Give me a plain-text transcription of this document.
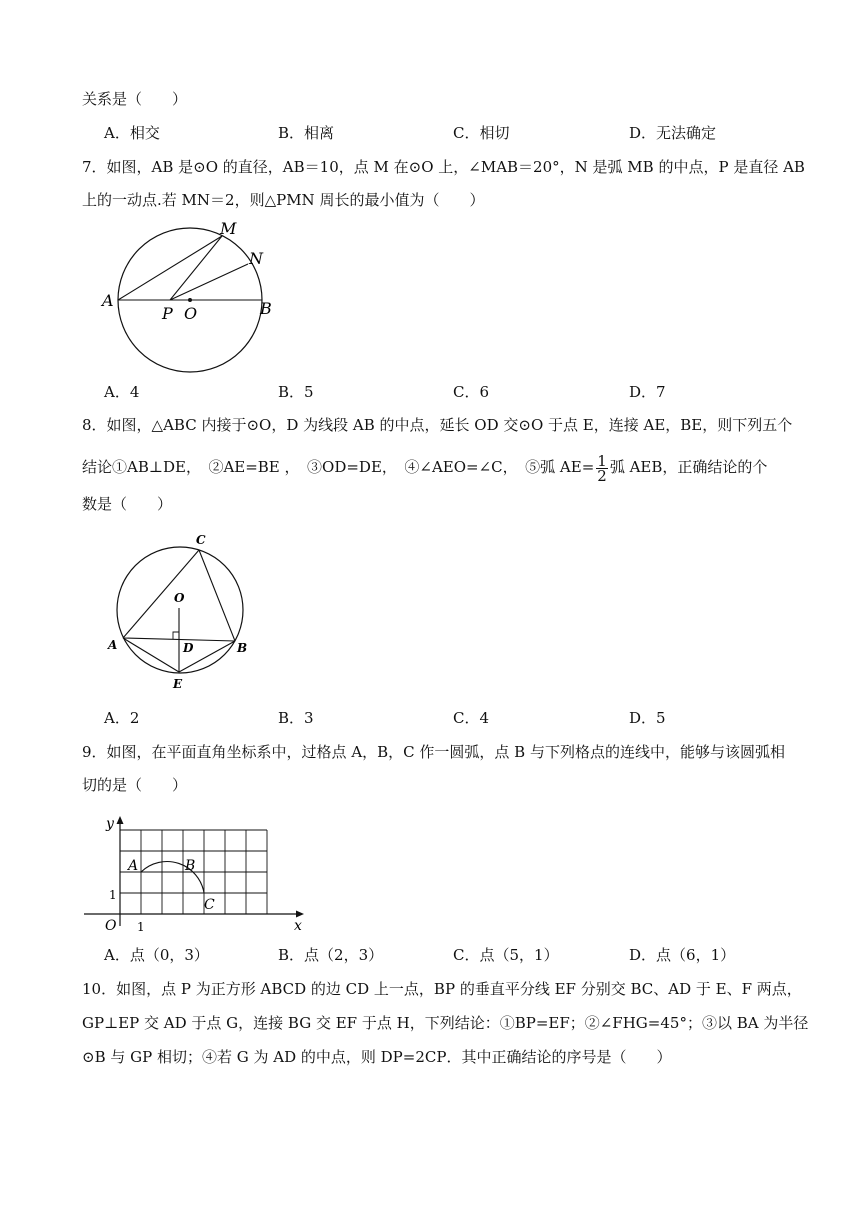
关系是（　　）
A．相交	B．相离	C．相切	D．无法确定
7．如图，AB 是⊙O 的直径，AB＝10，点 M 在⊙O 上，∠MAB＝20°，N 是弧 MB 的中点，P 是直径 AB
上的一动点.若 MN＝2，则△PMN 周长的最小值为（　　）
M
N
A	B
P O
A．4	B．5	C．6	D．7
8．如图，△ABC 内接于⊙O，D 为线段 AB 的中点，延长 OD 交⊙O 于点 E，连接 AE，BE，则下列五个
结论①AB⊥DE，　②AE=BE ，　③OD=DE，　④∠AEO=∠C，　⑤弧 $AE= \frac{1}{2}$ 弧 AEB，正确结论的个
数是（　　）
C
O
A	D	B
E
A．2	B．3	C．4	D．5
9．如图，在平面直角坐标系中，过格点 A，B，C 作一圆弧，点 B 与下列格点的连线中，能够与该圆弧相
切的是（　　）
y
x
O
1
1
A	B
C
A．点（0，3）	B．点（2，3）	C．点（5，1）	D．点（6，1）
10．如图，点 P 为正方形 ABCD 的边 CD 上一点，BP 的垂直平分线 EF 分别交 BC、AD 于 E、F 两点，
GP⊥EP 交 AD 于点 G，连接 BG 交 EF 于点 H，下列结论：①BP=EF；②∠FHG=45°；③以 BA 为半径
⊙B 与 GP 相切；④若 G 为 AD 的中点，则 DP=2CP．其中正确结论的序号是（　　）
